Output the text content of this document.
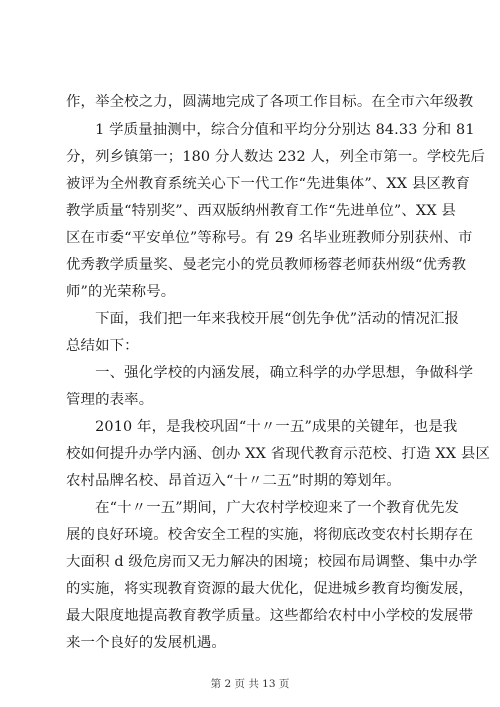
作，举全校之力，圆满地完成了各项工作目标。在全市六年级教
　　1 学质量抽测中，综合分值和平均分分别达 84.33 分和 81
分，列乡镇第一；180 分人数达 232 人，列全市第一。学校先后
被评为全州教育系统关心下一代工作“先进集体”、XX 县区教育
教学质量“特别奖”、西双版纳州教育工作“先进单位”、XX 县
区在市委“平安单位”等称号。有 29 名毕业班教师分别获州、市
优秀教学质量奖、曼老完小的党员教师杨蓉老师获州级“优秀教
师”的光荣称号。
　　下面，我们把一年来我校开展“创先争优”活动的情况汇报
总结如下：
　　一、强化学校的内涵发展，确立科学的办学思想，争做科学
管理的表率。
　　2010 年，是我校巩固“十〃一五”成果的关键年，也是我
校如何提升办学内涵、创办 XX 省现代教育示范校、打造 XX 县区
农村品牌名校、昂首迈入“十〃二五”时期的筹划年。
　　在“十〃一五”期间，广大农村学校迎来了一个教育优先发
展的良好环境。校舍安全工程的实施，将彻底改变农村长期存在
大面积 d 级危房而又无力解决的困境；校园布局调整、集中办学
的实施，将实现教育资源的最大优化，促进城乡教育均衡发展，
最大限度地提高教育教学质量。这些都给农村中小学校的发展带
来一个良好的发展机遇。
第 2 页 共 13 页
